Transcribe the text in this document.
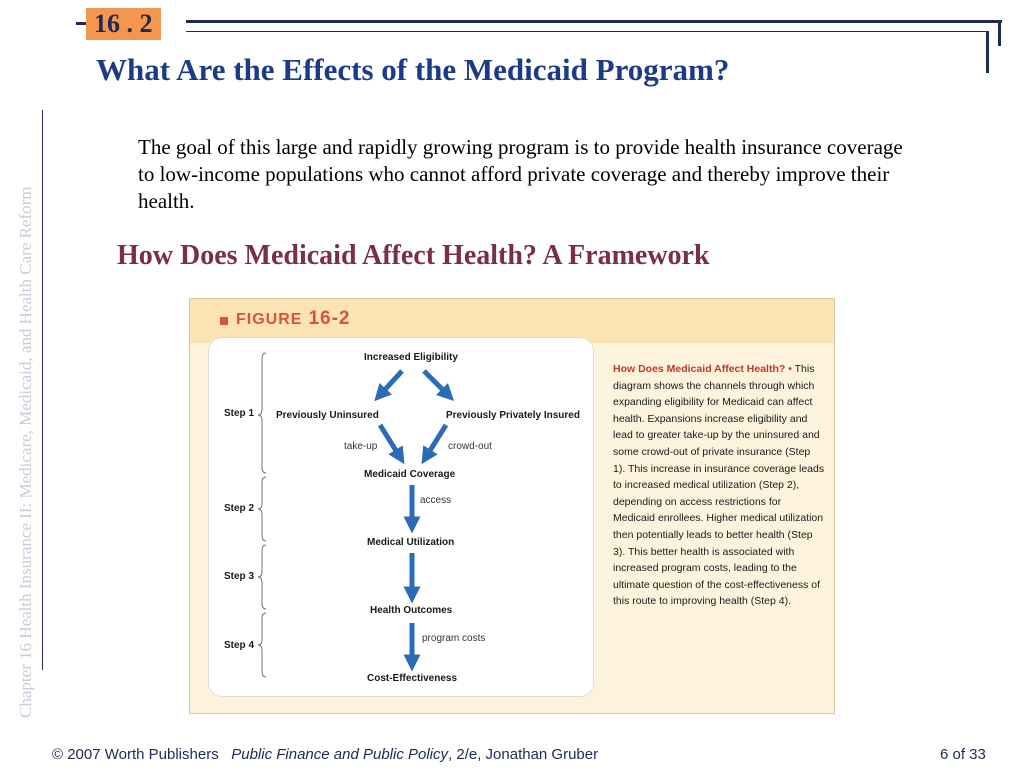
16 . 2
What Are the Effects of the Medicaid Program?
Chapter 16 Health Insurance II: Medicare, Medicaid, and Health Care Reform
The goal of this large and rapidly growing program is to provide health insurance coverage to low-income populations who cannot afford private coverage and thereby improve their health.
How Does Medicaid Affect Health? A Framework
FIGURE 16-2
Increased Eligibility
Previously Uninsured	Previously Privately Insured
take-up	crowd-out
Medicaid Coverage
access
Medical Utilization
Health Outcomes
program costs
Cost-Effectiveness
Step 1
Step 2
Step 3
Step 4
How Does Medicaid Affect Health? • This diagram shows the channels through which expanding eligibility for Medicaid can affect health. Expansions increase eligibility and lead to greater take-up by the uninsured and some crowd-out of private insurance (Step 1). This increase in insurance coverage leads to increased medical utilization (Step 2), depending on access restrictions for Medicaid enrollees. Higher medical utilization then potentially leads to better health (Step 3). This better health is associated with increased program costs, leading to the ultimate question of the cost-effectiveness of this route to improving health (Step 4).
© 2007 Worth Publishers Public Finance and Public Policy, 2/e, Jonathan Gruber	6 of 33
